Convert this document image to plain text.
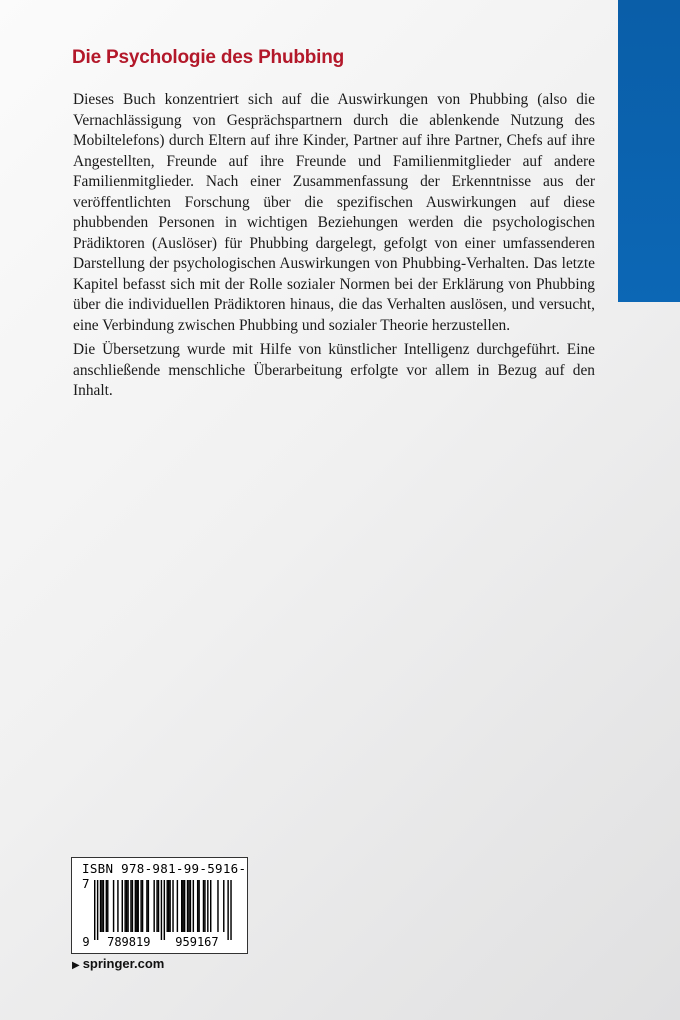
Die Psychologie des Phubbing

Dieses Buch konzentriert sich auf die Auswirkungen von Phubbing (also die Vernachlässigung von Gesprächspartnern durch die ablenkende Nutzung des Mobiltelefons) durch Eltern auf ihre Kinder, Partner auf ihre Partner, Chefs auf ihre Angestellten, Freunde auf ihre Freunde und Familienmitglieder auf andere Familienmitglieder. Nach einer Zusammenfassung der Erkenntnisse aus der veröffentlichten Forschung über die spezifischen Auswirkungen auf diese phubbenden Personen in wichtigen Beziehungen werden die psychologischen Prädiktoren (Auslöser) für Phubbing dargelegt, gefolgt von einer umfassenderen Darstellung der psychologischen Auswirkungen von Phubbing-Verhalten. Das letzte Kapitel befasst sich mit der Rolle sozialer Normen bei der Erklärung von Phubbing über die individuellen Prädiktoren hinaus, die das Verhalten auslösen, und versucht, eine Verbindung zwischen Phubbing und sozialer Theorie herzustellen.

Die Übersetzung wurde mit Hilfe von künstlicher Intelligenz durchgeführt. Eine anschließende menschliche Überarbeitung erfolgte vor allem in Bezug auf den Inhalt.

ISBN 978-981-99-5916-7
9 789819 959167
▶ springer.com
